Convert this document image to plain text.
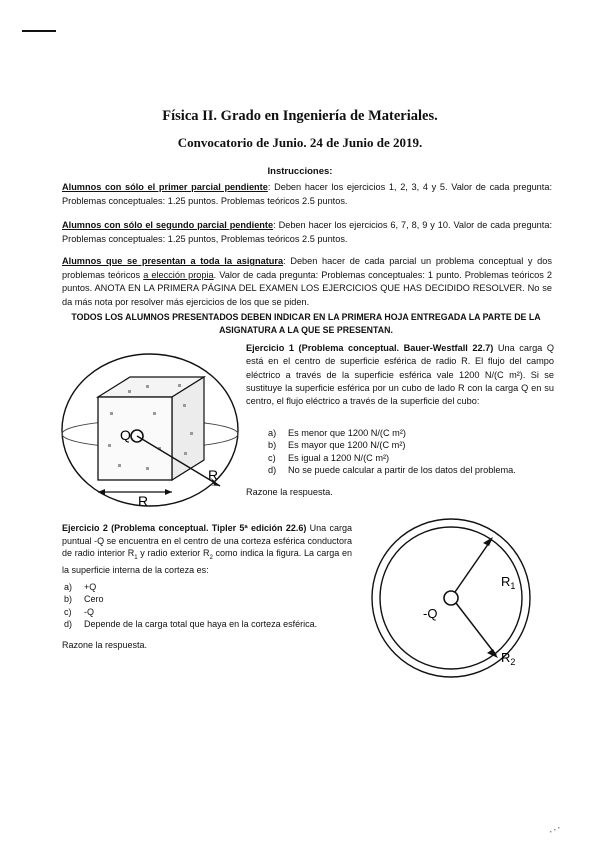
Física II. Grado en Ingeniería de Materiales.
Convocatorio de Junio. 24 de Junio de 2019.
Instrucciones:
Alumnos con sólo el primer parcial pendiente: Deben hacer los ejercicios 1, 2, 3, 4 y 5. Valor de cada pregunta: Problemas conceptuales: 1.25 puntos. Problemas teóricos 2.5 puntos.
Alumnos con sólo el segundo parcial pendiente: Deben hacer los ejercicios 6, 7, 8, 9 y 10. Valor de cada pregunta: Problemas conceptuales: 1.25 puntos, Problemas teóricos 2.5 puntos.
Alumnos que se presentan a toda la asignatura: Deben hacer de cada parcial un problema conceptual y dos problemas teóricos a elección propia. Valor de cada pregunta: Problemas conceptuales: 1 punto. Problemas teóricos 2 puntos. ANOTA EN LA PRIMERA PÁGINA DEL EXAMEN LOS EJERCICIOS QUE HAS DECIDIDO RESOLVER. No se da más nota por resolver más ejercicios de los que se piden.
TODOS LOS ALUMNOS PRESENTADOS DEBEN INDICAR EN LA PRIMERA HOJA ENTREGADA LA PARTE DE LA
ASIGNATURA A LA QUE SE PRESENTAN.
Q
R
R
Ejercicio 1 (Problema conceptual. Bauer-Westfall 22.7) Una carga Q está en el centro de superficie esférica de radio R. El flujo del campo eléctrico a través de la superficie esférica vale 1200 N/(C m²). Si se sustituye la superficie esférica por un cubo de lado R con la carga Q en su centro, el flujo eléctrico a través de la superficie del cubo:
a) Es menor que 1200 N/(C m²)
b) Es mayor que 1200 N/(C m²)
c) Es igual a 1200 N/(C m²)
d) No se puede calcular a partir de los datos del problema.
Razone la respuesta.
Ejercicio 2 (Problema conceptual. Tipler 5ª edición 22.6) Una carga puntual -Q se encuentra en el centro de una corteza esférica conductora de radio interior $R_1$ y radio exterior $R_2$ como indica la figura. La carga en la superficie interna de la corteza es:
a) +Q
b) Cero
c) -Q
d) Depende de la carga total que haya en la corteza esférica.
Razone la respuesta.
-Q
$R_1$
$R_2$
